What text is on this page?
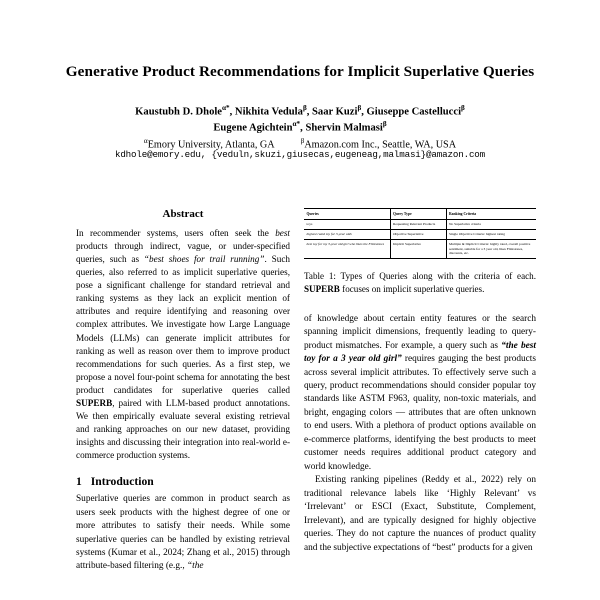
Generative Product Recommendations for Implicit Superlative Queries
Kaustubh D. Dhole$^{\alpha*}$, Nikhita Vedula$^\beta$, Saar Kuzi$^\beta$, Giuseppe Castellucci$^\beta$
Eugene Agichtein$^{\alpha*}$, Shervin Malmasi$^\beta$
$^\alpha$Emory University, Atlanta, GA	$^\beta$Amazon.com Inc., Seattle, WA, USA
kdhole@emory.edu, {veduln,skuzi,giusecas,eugeneag,malmasi}@amazon.com
Abstract

In recommender systems, users often seek the best products through indirect, vague, or under-specified queries, such as “best shoes for trail running”. Such queries, also referred to as implicit superlative queries, pose a significant challenge for standard retrieval and ranking systems as they lack an explicit mention of attributes and require identifying and reasoning over complex attributes. We investigate how Large Language Models (LLMs) can generate implicit attributes for ranking as well as reason over them to improve product recommendations for such queries. As a first step, we propose a novel four-point schema for annotating the best product candidates for superlative queries called SUPERB, paired with LLM-based product annotations. We then empirically evaluate several existing retrieval and ranking approaches on our new dataset, providing insights and discussing their integration into real-world e-commerce production systems.

1 Introduction

Superlative queries are common in product search as users seek products with the highest degree of one or more attributes to satisfy their needs. While some superlative queries can be handled by existing retrieval systems (Kumar et al., 2024; Zhang et al., 2015) through attribute-based filtering (e.g., “the

Queries	Query Type	Ranking Criteria
toys	Requesting Relevant Products	No Superlative criteria
highest rated toy for 3-year olds	Objective Superlative	Single Objective Criteria: highest rating
best toy for my 3-year old girl who likes the Flintstones	Implicit Superlative	Multiple & Implicit Criteria: highly rated, overall positive sentiment, suitable for a 3 year old, likes Flintstones, discounts, etc.
Table 1: Types of Queries along with the criteria of each. SUPERB focuses on implicit superlative queries.

of knowledge about certain entity features or the search spanning implicit dimensions, frequently leading to query-product mismatches. For example, a query such as “the best toy for a 3 year old girl” requires gauging the best products across several implicit attributes. To effectively serve such a query, product recommendations should consider popular toy standards like ASTM F963, quality, non-toxic materials, and bright, engaging colors — attributes that are often unknown to end users. With a plethora of product options available on e-commerce platforms, identifying the best products to meet customer needs requires additional product category and world knowledge.

Existing ranking pipelines (Reddy et al., 2022) rely on traditional relevance labels like ‘Highly Relevant’ vs ‘Irrelevant’ or ESCI (Exact, Substitute, Complement, Irrelevant), and are typically designed for highly objective queries. They do not capture the nuances of product quality and the subjective expectations of “best” products for a given
